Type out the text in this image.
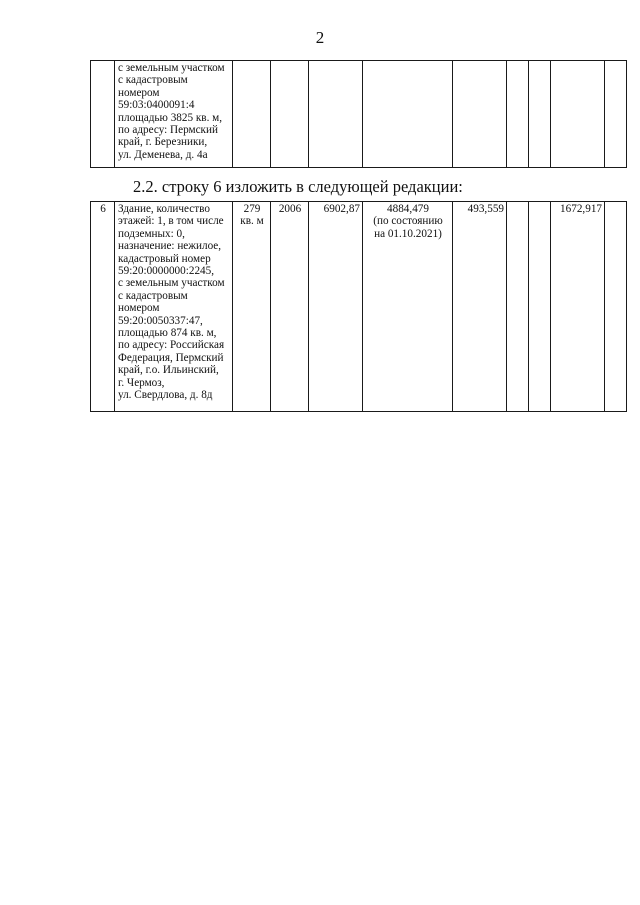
2
	с земельным участком
с кадастровым
номером
59:03:0400091:4
площадью 3825 кв. м,
по адресу: Пермский
край, г. Березники,
ул. Деменева, д. 4а									
2.2. строку 6 изложить в следующей редакции:
6	Здание, количество
этажей: 1, в том числе
подземных: 0,
назначение: нежилое,
кадастровый номер
59:20:0000000:2245,
с земельным участком
с кадастровым
номером
59:20:0050337:47,
площадью 874 кв. м,
по адресу: Российская
Федерация, Пермский
край, г.о. Ильинский,
г. Чермоз,
ул. Свердлова, д. 8д	279
кв. м	2006	6902,87	4884,479
(по состоянию
на 01.10.2021)	493,559			1672,917	
